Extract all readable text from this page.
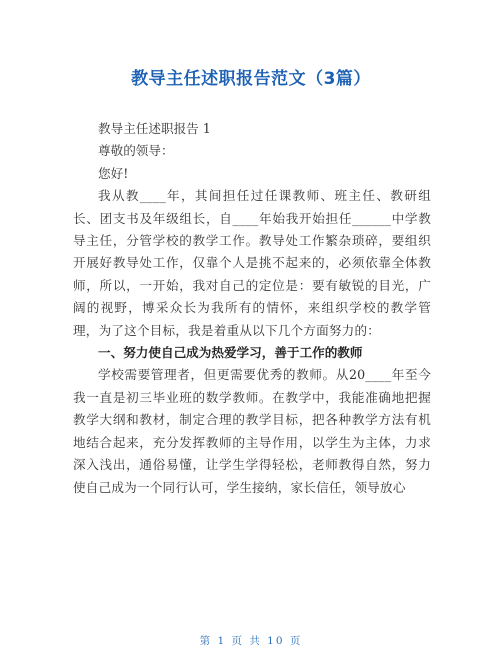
教导主任述职报告范文（3篇）

教导主任述职报告 1

尊敬的领导：

您好!

我从教____年，其间担任过任课教师、班主任、教研组长、团支书及年级组长，自____年始我开始担任______中学教导主任，分管学校的教学工作。教导处工作繁杂琐碎，要组织开展好教导处工作，仅靠个人是挑不起来的，必须依靠全体教师，所以，一开始，我对自己的定位是：要有敏锐的目光，广阔的视野，博采众长为我所有的情怀，来组织学校的教学管理，为了这个目标，我是着重从以下几个方面努力的：

一、努力使自己成为热爱学习，善于工作的教师

学校需要管理者，但更需要优秀的教师。从20____年至今我一直是初三毕业班的数学教师。在教学中，我能准确地把握教学大纲和教材，制定合理的教学目标，把各种教学方法有机地结合起来，充分发挥教师的主导作用，以学生为主体，力求深入浅出，通俗易懂，让学生学得轻松，老师教得自然，努力使自己成为一个同行认可，学生接纳，家长信任，领导放心

第 1 页 共 10 页
